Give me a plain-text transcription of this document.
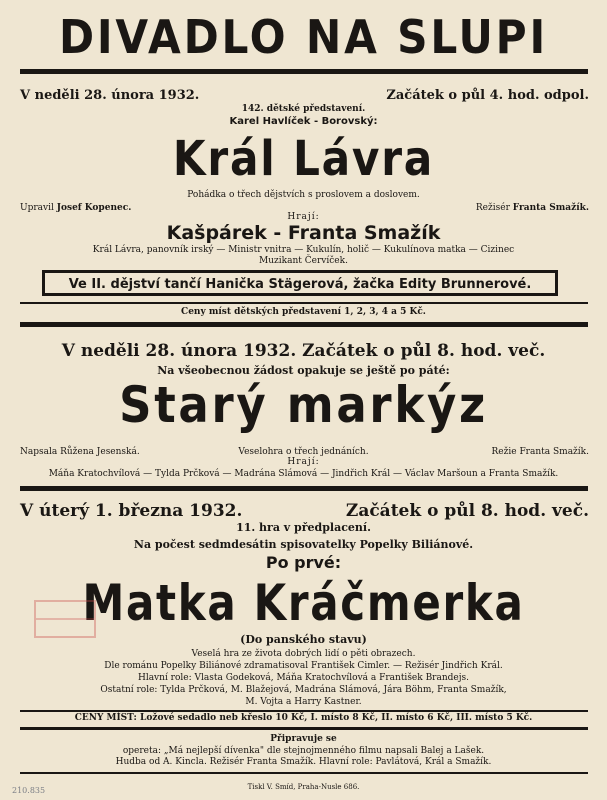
DIVADLO NA SLUPI
V neděli 28. února 1932.	Začátek o půl 4. hod. odpol.
142. dětské představení.
Karel Havlíček - Borovský:
Král Lávra
Pohádka o třech dějstvích s proslovem a doslovem.
Upravil Josef Kopenec.	Režisér Franta Smažík.
Hrají:
Kašpárek - Franta Smažík
Král Lávra, panovník irský — Ministr vnitra — Kukulín, holič — Kukulínova matka — Cizinec
Muzikant Červíček.
Ve II. dějství tančí Hanička Stägerová, žačka Edity Brunnerové.
Ceny míst dětských představení 1, 2, 3, 4 a 5 Kč.
V neděli 28. února 1932. Začátek o půl 8. hod. več.
Na všeobecnou žádost opakuje se ještě po páté:
Starý markýz
Napsala Růžena Jesenská.	Veselohra o třech jednáních.	Režie Franta Smažík.
Hrají:
Máňa Kratochvílová — Tylda Prčková — Madrána Slámová — Jindřich Král — Václav Maršoun a Franta Smažík.
V úterý 1. března 1932.	Začátek o půl 8. hod. več.
11. hra v předplacení.
Na počest sedmdesátin spisovatelky Popelky Biliánové.
Po prvé:
Matka Kráčmerka
(Do panského stavu)
Veselá hra ze života dobrých lidí o pěti obrazech.
Dle románu Popelky Biliánové zdramatisoval František Cimler. — Režisér Jindřich Král.
Hlavní role: Vlasta Godeková, Máňa Kratochvílová a František Brandejs.
Ostatní role: Tylda Prčková, M. Blažejová, Madrána Slámová, Jára Böhm, Franta Smažík,
M. Vojta a Harry Kastner.
CENY MÍST: Ložové sedadlo neb křeslo 10 Kč, I. místo 8 Kč, II. místo 6 Kč, III. místo 5 Kč.
Připravuje se
opereta: „Má nejlepší dívenka" dle stejnojmenného filmu napsali Balej a Lašek.
Hudba od A. Kincla. Režisér Franta Smažík. Hlavní role: Pavlátová, Král a Smažík.
Tiskl V. Smíd, Praha-Nusle 686.
210.835
